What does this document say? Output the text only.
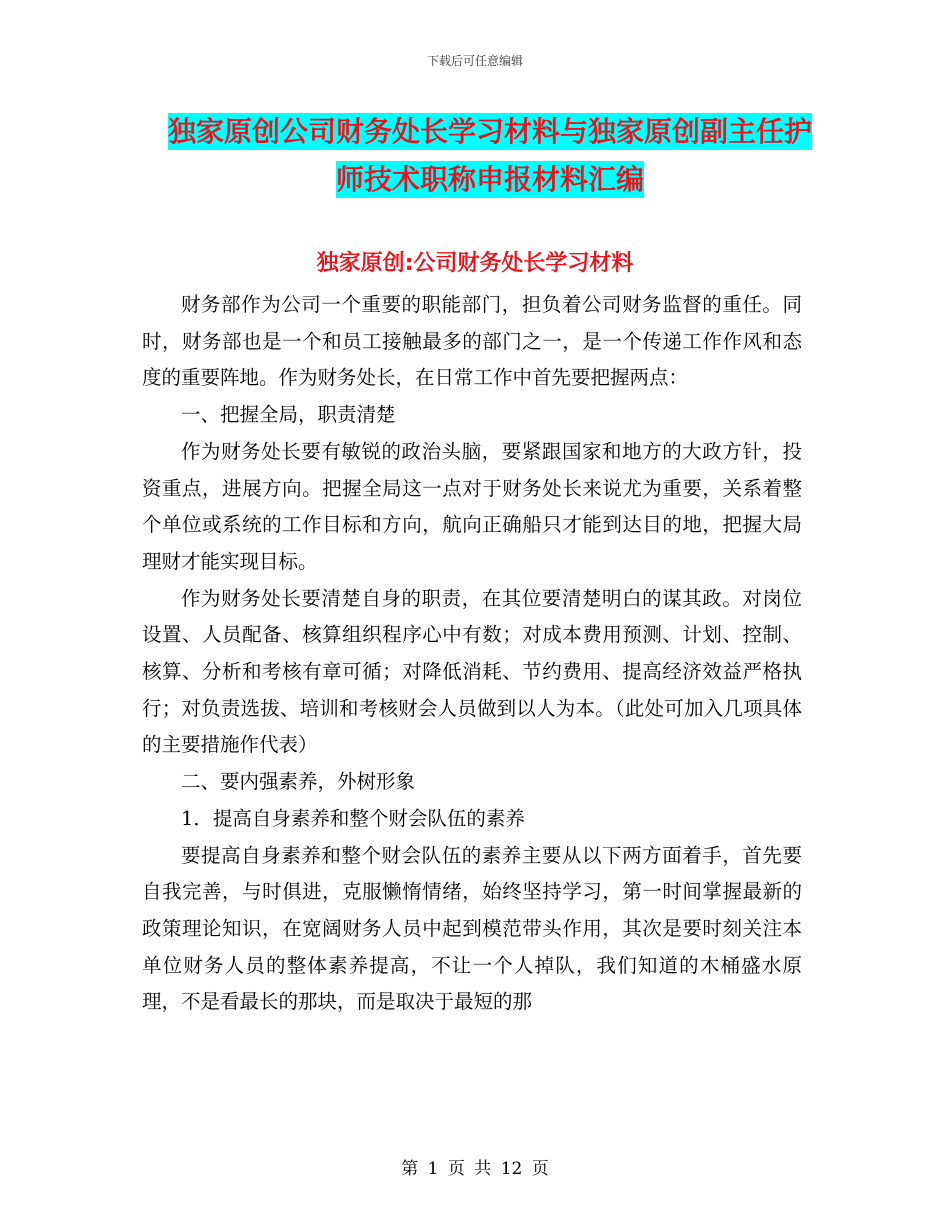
下载后可任意编辑
独家原创公司财务处长学习材料与独家原创副主任护
师技术职称申报材料汇编
独家原创:公司财务处长学习材料

财务部作为公司一个重要的职能部门，担负着公司财务监督的重任。同时，财务部也是一个和员工接触最多的部门之一，是一个传递工作作风和态度的重要阵地。作为财务处长，在日常工作中首先要把握两点：

一、把握全局，职责清楚

作为财务处长要有敏锐的政治头脑，要紧跟国家和地方的大政方针，投资重点，进展方向。把握全局这一点对于财务处长来说尤为重要，关系着整个单位或系统的工作目标和方向，航向正确船只才能到达目的地，把握大局理财才能实现目标。

作为财务处长要清楚自身的职责，在其位要清楚明白的谋其政。对岗位设置、人员配备、核算组织程序心中有数；对成本费用预测、计划、控制、核算、分析和考核有章可循；对降低消耗、节约费用、提高经济效益严格执行；对负责选拔、培训和考核财会人员做到以人为本。（此处可加入几项具体的主要措施作代表）

二、要内强素养，外树形象

1．提高自身素养和整个财会队伍的素养

要提高自身素养和整个财会队伍的素养主要从以下两方面着手，首先要自我完善，与时俱进，克服懒惰情绪，始终坚持学习，第一时间掌握最新的政策理论知识，在宽阔财务人员中起到模范带头作用，其次是要时刻关注本单位财务人员的整体素养提高，不让一个人掉队，我们知道的木桶盛水原理，不是看最长的那块，而是取决于最短的那

第 1 页 共 12 页
